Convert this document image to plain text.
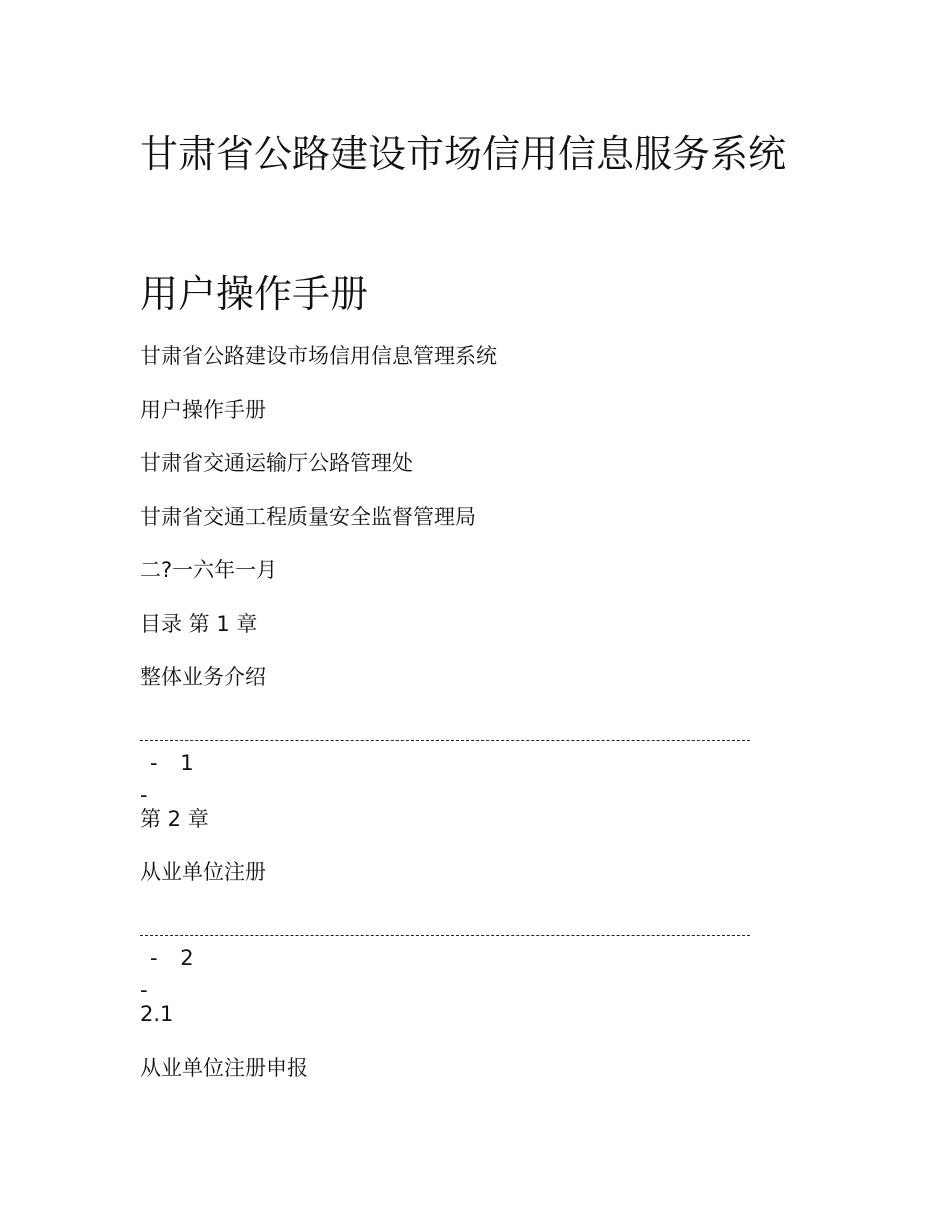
甘肃省公路建设市场信用信息服务系统
用户操作手册

甘肃省公路建设市场信用信息管理系统

用户操作手册

甘肃省交通运输厅公路管理处

甘肃省交通工程质量安全监督管理局

二?一六年一月

目录 第 1 章

整体业务介绍

- 1
-

第 2 章

从业单位注册

- 2
-

2.1

从业单位注册申报
